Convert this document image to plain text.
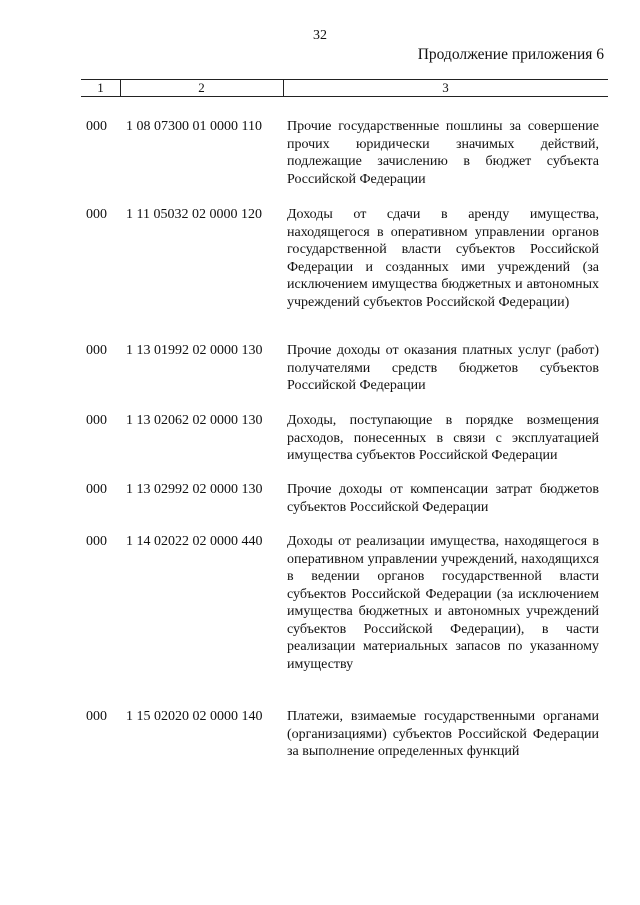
32
Продолжение приложения 6
1	2	3
000	1 08 07300 01 0000 110	Прочие государственные пошлины за совершение прочих юридически значимых действий, подлежащие зачислению в бюджет субъекта Российской Федерации
000	1 11 05032 02 0000 120	Доходы от сдачи в аренду имущества, находящегося в оперативном управлении органов государственной власти субъектов Российской Федерации и созданных ими учреждений (за исключением имущества бюджетных и автономных учреждений субъектов Российской Федерации)
000	1 13 01992 02 0000 130	Прочие доходы от оказания платных услуг (работ) получателями средств бюджетов субъектов Российской Федерации
000	1 13 02062 02 0000 130	Доходы, поступающие в порядке возмещения расходов, понесенных в связи с эксплуатацией имущества субъектов Российской Федерации
000	1 13 02992 02 0000 130	Прочие доходы от компенсации затрат бюджетов субъектов Российской Федерации
000	1 14 02022 02 0000 440	Доходы от реализации имущества, находящегося в оперативном управлении учреждений, находящихся в ведении органов государственной власти субъектов Российской Федерации (за исключением имущества бюджетных и автономных учреждений субъектов Российской Федерации), в части реализации материальных запасов по указанному имуществу
000	1 15 02020 02 0000 140	Платежи, взимаемые государственными органами (организациями) субъектов Российской Федерации за выполнение определенных функций
